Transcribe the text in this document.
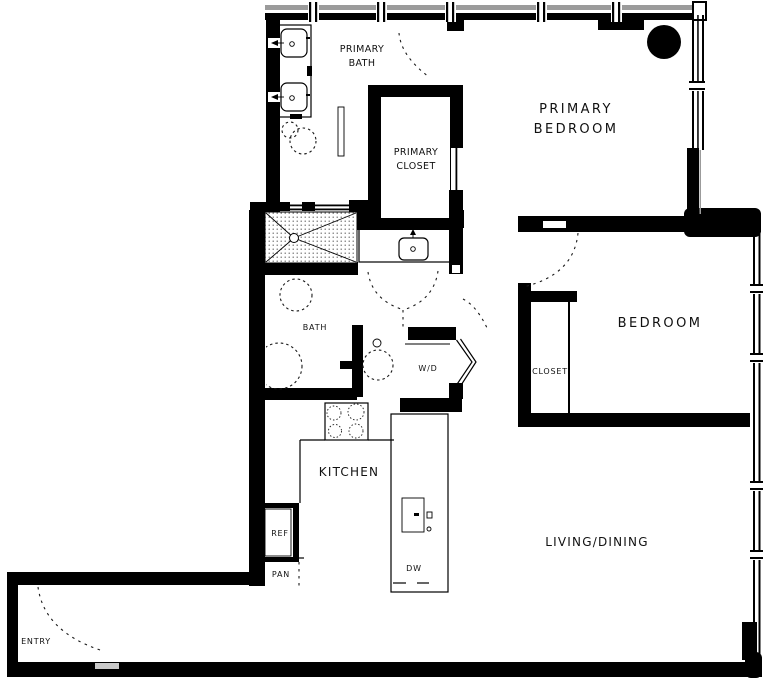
PRIMARY
BATH
PRIMARY
CLOSET
PRIMARY
BEDROOM
BATH
W/D
BEDROOM
CLOSET
KITCHEN
LIVING/DINING
ENTRY
REF
PAN
DW
